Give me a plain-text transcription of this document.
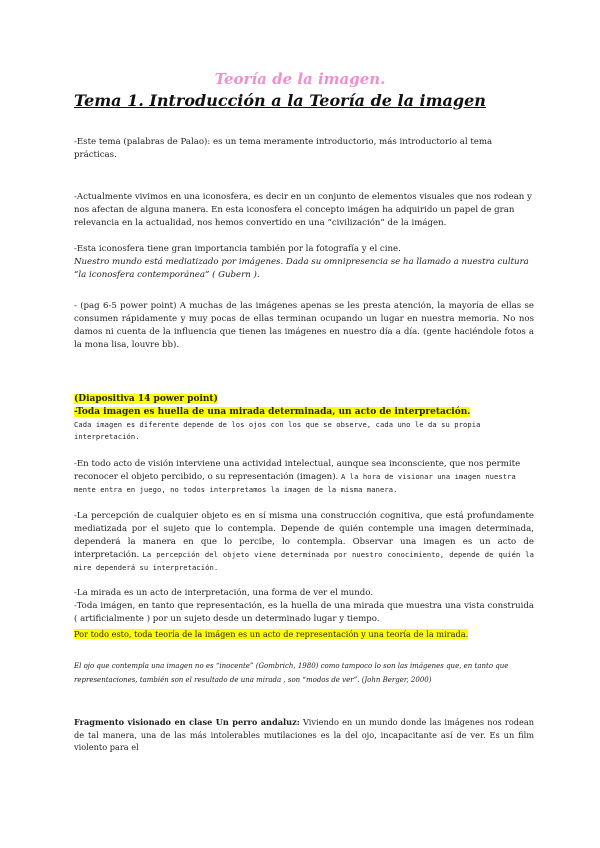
Teoría de la imagen.
Tema 1. Introducción a la Teoría de la imagen

-Este tema (palabras de Palao): es un tema meramente introductorio, más introductorio al tema prácticas.

-Actualmente vivimos en una iconosfera, es decir en un conjunto de elementos visuales que nos rodean y nos afectan de alguna manera. En esta iconosfera el concepto imágen ha adquirido un papel de gran relevancia en la actualidad, nos hemos convertido en una “civilización” de la imágen.

-Esta iconosfera tiene gran importancia también por la fotografía y el cine.

Nuestro mundo está mediatizado por imágenes. Dada su omnipresencia se ha llamado a nuestra cultura “la iconosfera contemporánea” ( Gubern ).

- (pag 6-5 power point) A muchas de las imágenes apenas se les presta atención, la mayoría de ellas se consumen rápidamente y muy pocas de ellas terminan ocupando un lugar en nuestra memoria. No nos damos ni cuenta de la influencia que tienen las imágenes en nuestro día a día. (gente haciéndole fotos a la mona lisa, louvre bb).

(Diapositiva 14 power point)
-Toda imagen es huella de una mirada determinada, un acto de interpretación.
Cada imagen es diferente depende de los ojos con los que se observe, cada uno le da su propia interpretación.

-En todo acto de visión interviene una actividad intelectual, aunque sea inconsciente, que nos permite reconocer el objeto percibido, o su representación (imagen). A la hora de visionar una imagen nuestra mente entra en juego, no todos interpretamos la imagen de la misma manera.

-La percepción de cualquier objeto es en sí misma una construcción cognitiva, que está profundamente mediatizada por el sujeto que lo contempla. Depende de quién contemple una imagen determinada, dependerá la manera en que lo percibe, lo contempla. Observar una imagen es un acto de interpretación. La percepción del objeto viene determinada por nuestro conocimiento, depende de quién la mire dependerá su interpretación.

-La mirada es un acto de interpretación, una forma de ver el mundo.

-Toda imágen, en tanto que representación, es la huella de una mirada que muestra una vista construida ( artificialmente ) por un sujeto desde un determinado lugar y tiempo.

Por todo esto, toda teoría de la imágen es un acto de representación y una teoría de la mirada.

El ojo que contempla una imagen no es “inocente” (Gombrich, 1980) como tampoco lo son las imágenes que, en tanto que representaciones, también son el resultado de una mirada , son “modos de ver”. (John Berger, 2000)

Fragmento visionado en clase Un perro andaluz: Viviendo en un mundo donde las imágenes nos rodean de tal manera, una de las más intolerables mutilaciones es la del ojo, incapacitante así de ver. Es un film violento para el
